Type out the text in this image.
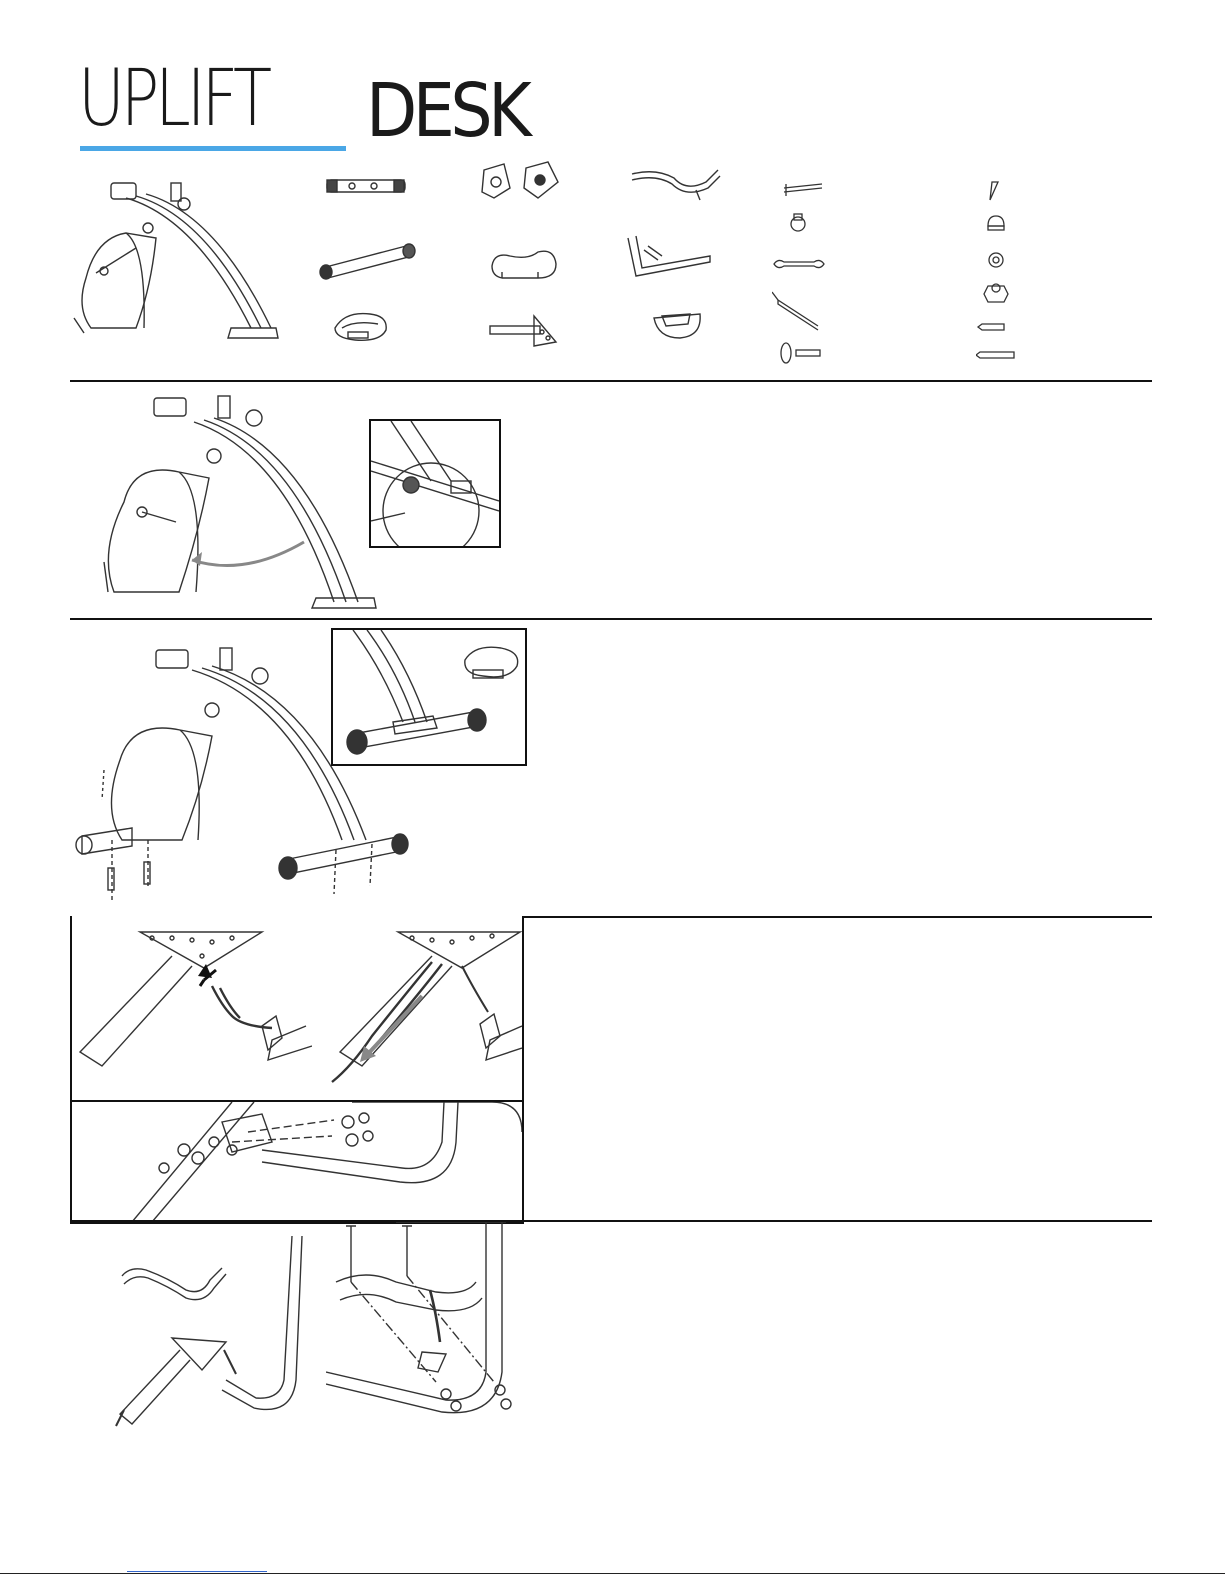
UPLIFT DESK
